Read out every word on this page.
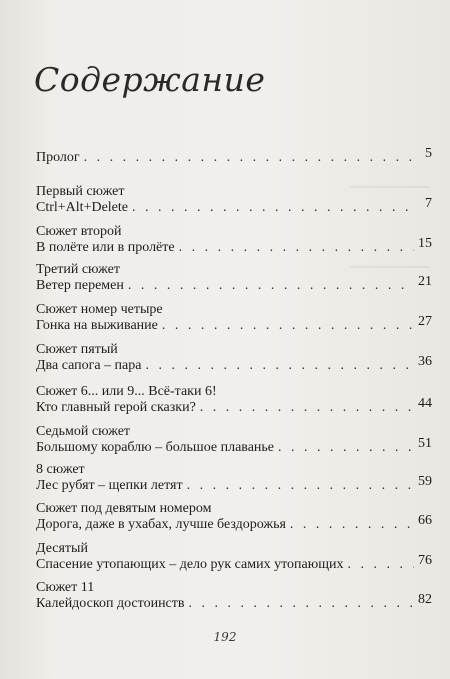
Содержание
Пролог . . .	5
Первый сюжет
Ctrl+Alt+Delete . . .	7
Сюжет второй
В полёте или в пролёте . . .	15
Третий сюжет
Ветер перемен . . .	21
Сюжет номер четыре
Гонка на выживание . . .	27
Сюжет пятый
Два сапога – пара . . .	36
Сюжет 6... или 9... Всё-таки 6!
Кто главный герой сказки? . . .	44
Седьмой сюжет
Большому кораблю – большое плаванье . . .	51
8 сюжет
Лес рубят – щепки летят . . .	59
Сюжет под девятым номером
Дорога, даже в ухабах, лучше бездорожья . . .	66
Десятый
Спасение утопающих – дело рук самих утопающих . . .	76
Сюжет 11
Калейдоскоп достоинств . . .	82
192
